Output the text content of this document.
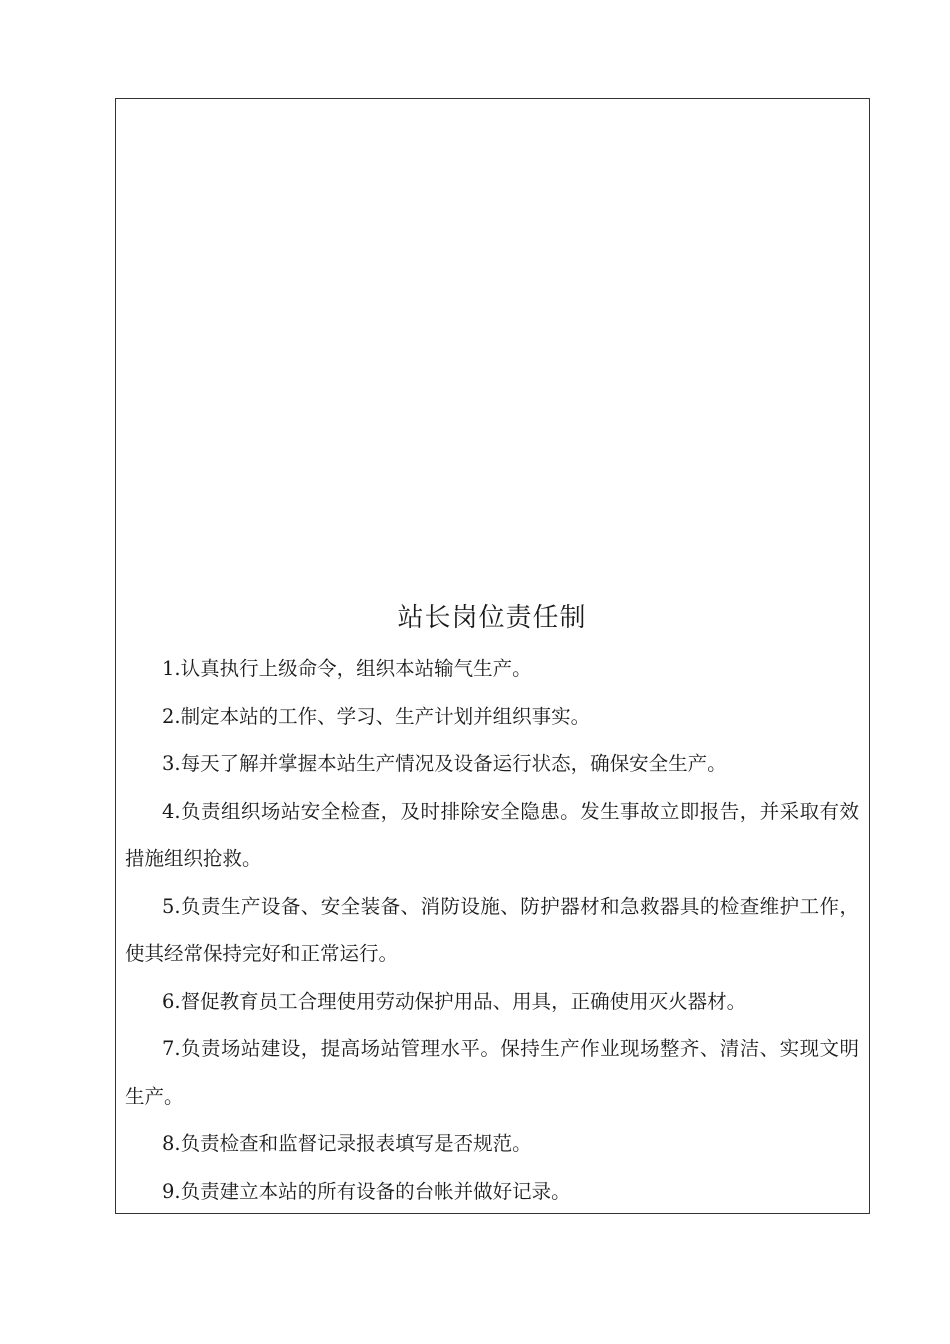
站长岗位责任制

1.认真执行上级命令，组织本站输气生产。

2.制定本站的工作、学习、生产计划并组织事实。

3.每天了解并掌握本站生产情况及设备运行状态，确保安全生产。

4.负责组织场站安全检查，及时排除安全隐患。发生事故立即报告，并采取有效措施组织抢救。

5.负责生产设备、安全装备、消防设施、防护器材和急救器具的检查维护工作，使其经常保持完好和正常运行。

6.督促教育员工合理使用劳动保护用品、用具，正确使用灭火器材。

7.负责场站建设，提高场站管理水平。保持生产作业现场整齐、清洁、实现文明生产。

8.负责检查和监督记录报表填写是否规范。

9.负责建立本站的所有设备的台帐并做好记录。
